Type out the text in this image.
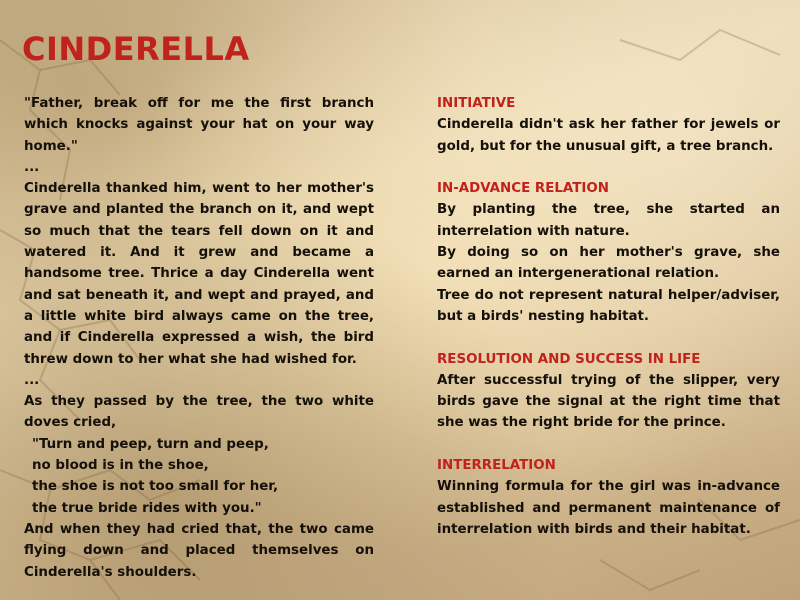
CINDERELLA

"Father, break off for me the first branch which knocks against your hat on your way home."

...

Cinderella thanked him, went to her mother's grave and planted the branch on it, and wept so much that the tears fell down on it and watered it. And it grew and became a handsome tree. Thrice a day Cinderella went and sat beneath it, and wept and prayed, and a little white bird always came on the tree, and if Cinderella expressed a wish, the bird threw down to her what she had wished for.

...

As they passed by the tree, the two white doves cried,

"Turn and peep, turn and peep,

no blood is in the shoe,

the shoe is not too small for her,

the true bride rides with you."

And when they had cried that, the two came flying down and placed themselves on Cinderella's shoulders.

INITIATIVE

Cinderella didn't ask her father for jewels or gold, but for the unusual gift, a tree branch.

IN-ADVANCE RELATION

By planting the tree, she started an interrelation with nature.

By doing so on her mother's grave, she earned an intergenerational relation.

Tree do not represent natural helper/adviser, but a birds' nesting habitat.

RESOLUTION AND SUCCESS IN LIFE

After successful trying of the slipper, very birds gave the signal at the right time that she was the right bride for the prince.

INTERRELATION

Winning formula for the girl was in-advance established and permanent maintenance of interrelation with birds and their habitat.
